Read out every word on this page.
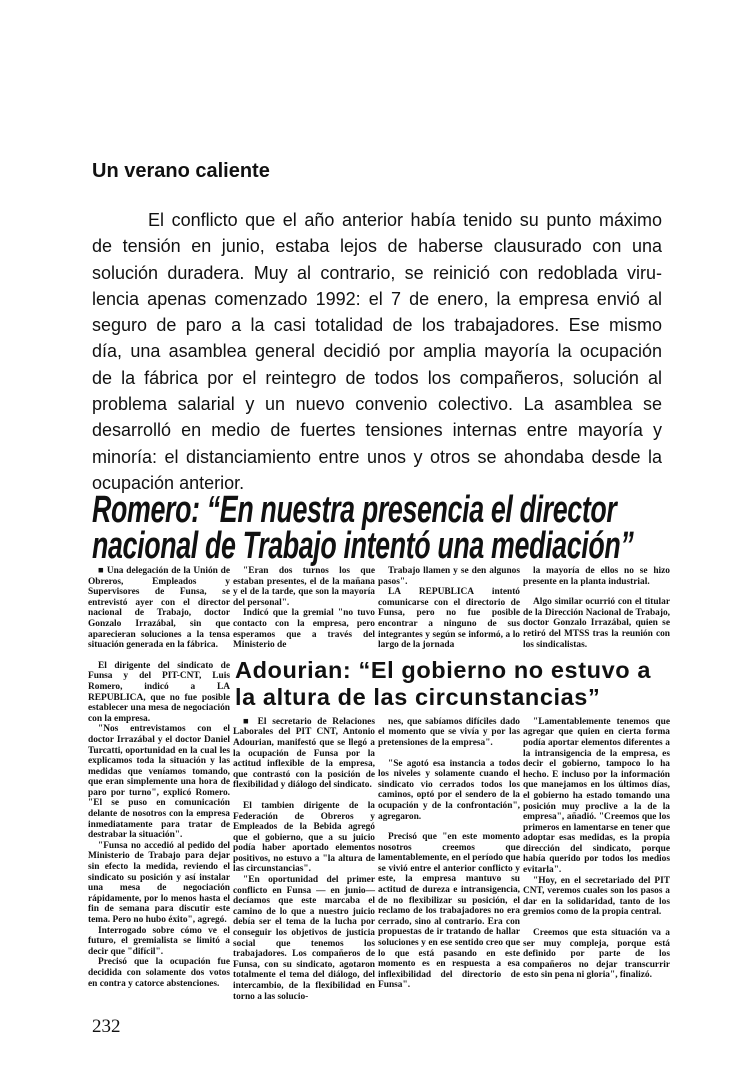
Un verano caliente
El conflicto que el año anterior había tenido su punto máximo
de tensión en junio, estaba lejos de haberse clausurado con una
solución duradera. Muy al contrario, se reinició con redoblada viru-
lencia apenas comenzado 1992: el 7 de enero, la empresa envió al
seguro de paro a la casi totalidad de los trabajadores. Ese mismo
día, una asamblea general decidió por amplia mayoría la ocupación
de la fábrica por el reintegro de todos los compañeros, solución al
problema salarial y un nuevo convenio colectivo. La asamblea se
desarrolló en medio de fuertes tensiones internas entre mayoría y
minoría: el distanciamiento entre unos y otros se ahondaba desde la
ocupación anterior.
Romero: “En nuestra presencia el director
nacional de Trabajo intentó una mediación”

■ Una delegación de la Unión de Obreros, Empleados y Supervisores de Funsa, se entrevistó ayer con el director nacional de Trabajo, doctor Gonzalo Irrazábal, sin que aparecieran soluciones a la tensa situación generada en la fábrica.

El dirigente del sindicato de Funsa y del PIT-CNT, Luis Romero, indicó a LA REPUBLICA, que no fue posible establecer una mesa de negociación con la empresa.

"Nos entrevistamos con el doctor Irrazábal y el doctor Daniel Turcatti, oportunidad en la cual les explicamos toda la situación y las medidas que veníamos tomando, que eran simplemente una hora de paro por turno", explicó Romero. "El se puso en comunicación delante de nosotros con la empresa inmediatamente para tratar de destrabar la situación".

"Funsa no accedió al pedido del Ministerio de Trabajo para dejar sin efecto la medida, reviendo el sindicato su posición y así instalar una mesa de negociación rápidamente, por lo menos hasta el fin de semana para discutir este tema. Pero no hubo éxito", agregó.

Interrogado sobre cómo ve el futuro, el gremialista se limitó a decir que "difícil".

Precisó que la ocupación fue decidida con solamente dos votos en contra y catorce abstenciones.

"Eran dos turnos los que estaban presentes, el de la mañana y el de la tarde, que son la mayoría del personal".

Indicó que la gremial "no tuvo contacto con la empresa, pero esperamos que a través del Ministerio de

Trabajo llamen y se den algunos pasos".

LA REPUBLICA intentó comunicarse con el directorio de Funsa, pero no fue posible encontrar a ninguno de sus integrantes y según se informó, a lo largo de la jornada

la mayoría de ellos no se hizo presente en la planta industrial.

Algo similar ocurrió con el titular de la Dirección Nacional de Trabajo, doctor Gonzalo Irrazábal, quien se retiró del MTSS tras la reunión con los sindicalistas.

Adourian: “El gobierno no estuvo a
la altura de las circunstancias”

■ El secretario de Relaciones Laborales del PIT CNT, Antonio Adourian, manifestó que se llegó a la ocupación de Funsa por la actitud inflexible de la empresa, que contrastó con la posición de flexibilidad y diálogo del sindicato.

El tambien dirigente de la Federación de Obreros y Empleados de la Bebida agregó que el gobierno, que a su juicio podía haber aportado elementos positivos, no estuvo a "la altura de las circunstancias".

"En oportunidad del primer conflicto en Funsa — en junio— decíamos que este marcaba el camino de lo que a nuestro juicio debía ser el tema de la lucha por conseguir los objetivos de justicia social que tenemos los trabajadores. Los compañeros de Funsa, con su sindicato, agotaron totalmente el tema del diálogo, del intercambio, de la flexibilidad en torno a las solucio-

nes, que sabíamos difíciles dado el momento que se vivía y por las pretensiones de la empresa".

"Se agotó esa instancia a todos los niveles y solamente cuando el sindicato vio cerrados todos los caminos, optó por el sendero de la ocupación y de la confrontación", agregaron.

Precisó que "en este momento nosotros creemos que lamentablemente, en el período que se vivió entre el anterior conflicto y este, la empresa mantuvo su actitud de dureza e intransigencia, de no flexibilizar su posición, el reclamo de los trabajadores no era cerrado, sino al contrario. Era con propuestas de ir tratando de hallar soluciones y en ese sentido creo que lo que está pasando en este momento es en respuesta a esa inflexibilidad del directorio de Funsa".

"Lamentablemente tenemos que agregar que quien en cierta forma podía aportar elementos diferentes a la intransigencia de la empresa, es decir el gobierno, tampoco lo ha hecho. E incluso por la información que manejamos en los últimos días, el gobierno ha estado tomando una posición muy proclive a la de la empresa", añadió. "Creemos que los primeros en lamentarse en tener que adoptar esas medidas, es la propia dirección del sindicato, porque había querido por todos los medios evitarla".

"Hoy, en el secretariado del PIT CNT, veremos cuales son los pasos a dar en la solidaridad, tanto de los gremios como de la propia central.

Creemos que esta situación va a ser muy compleja, porque está definido por parte de los compañeros no dejar transcurrir esto sin pena ni gloria", finalizó.

232
